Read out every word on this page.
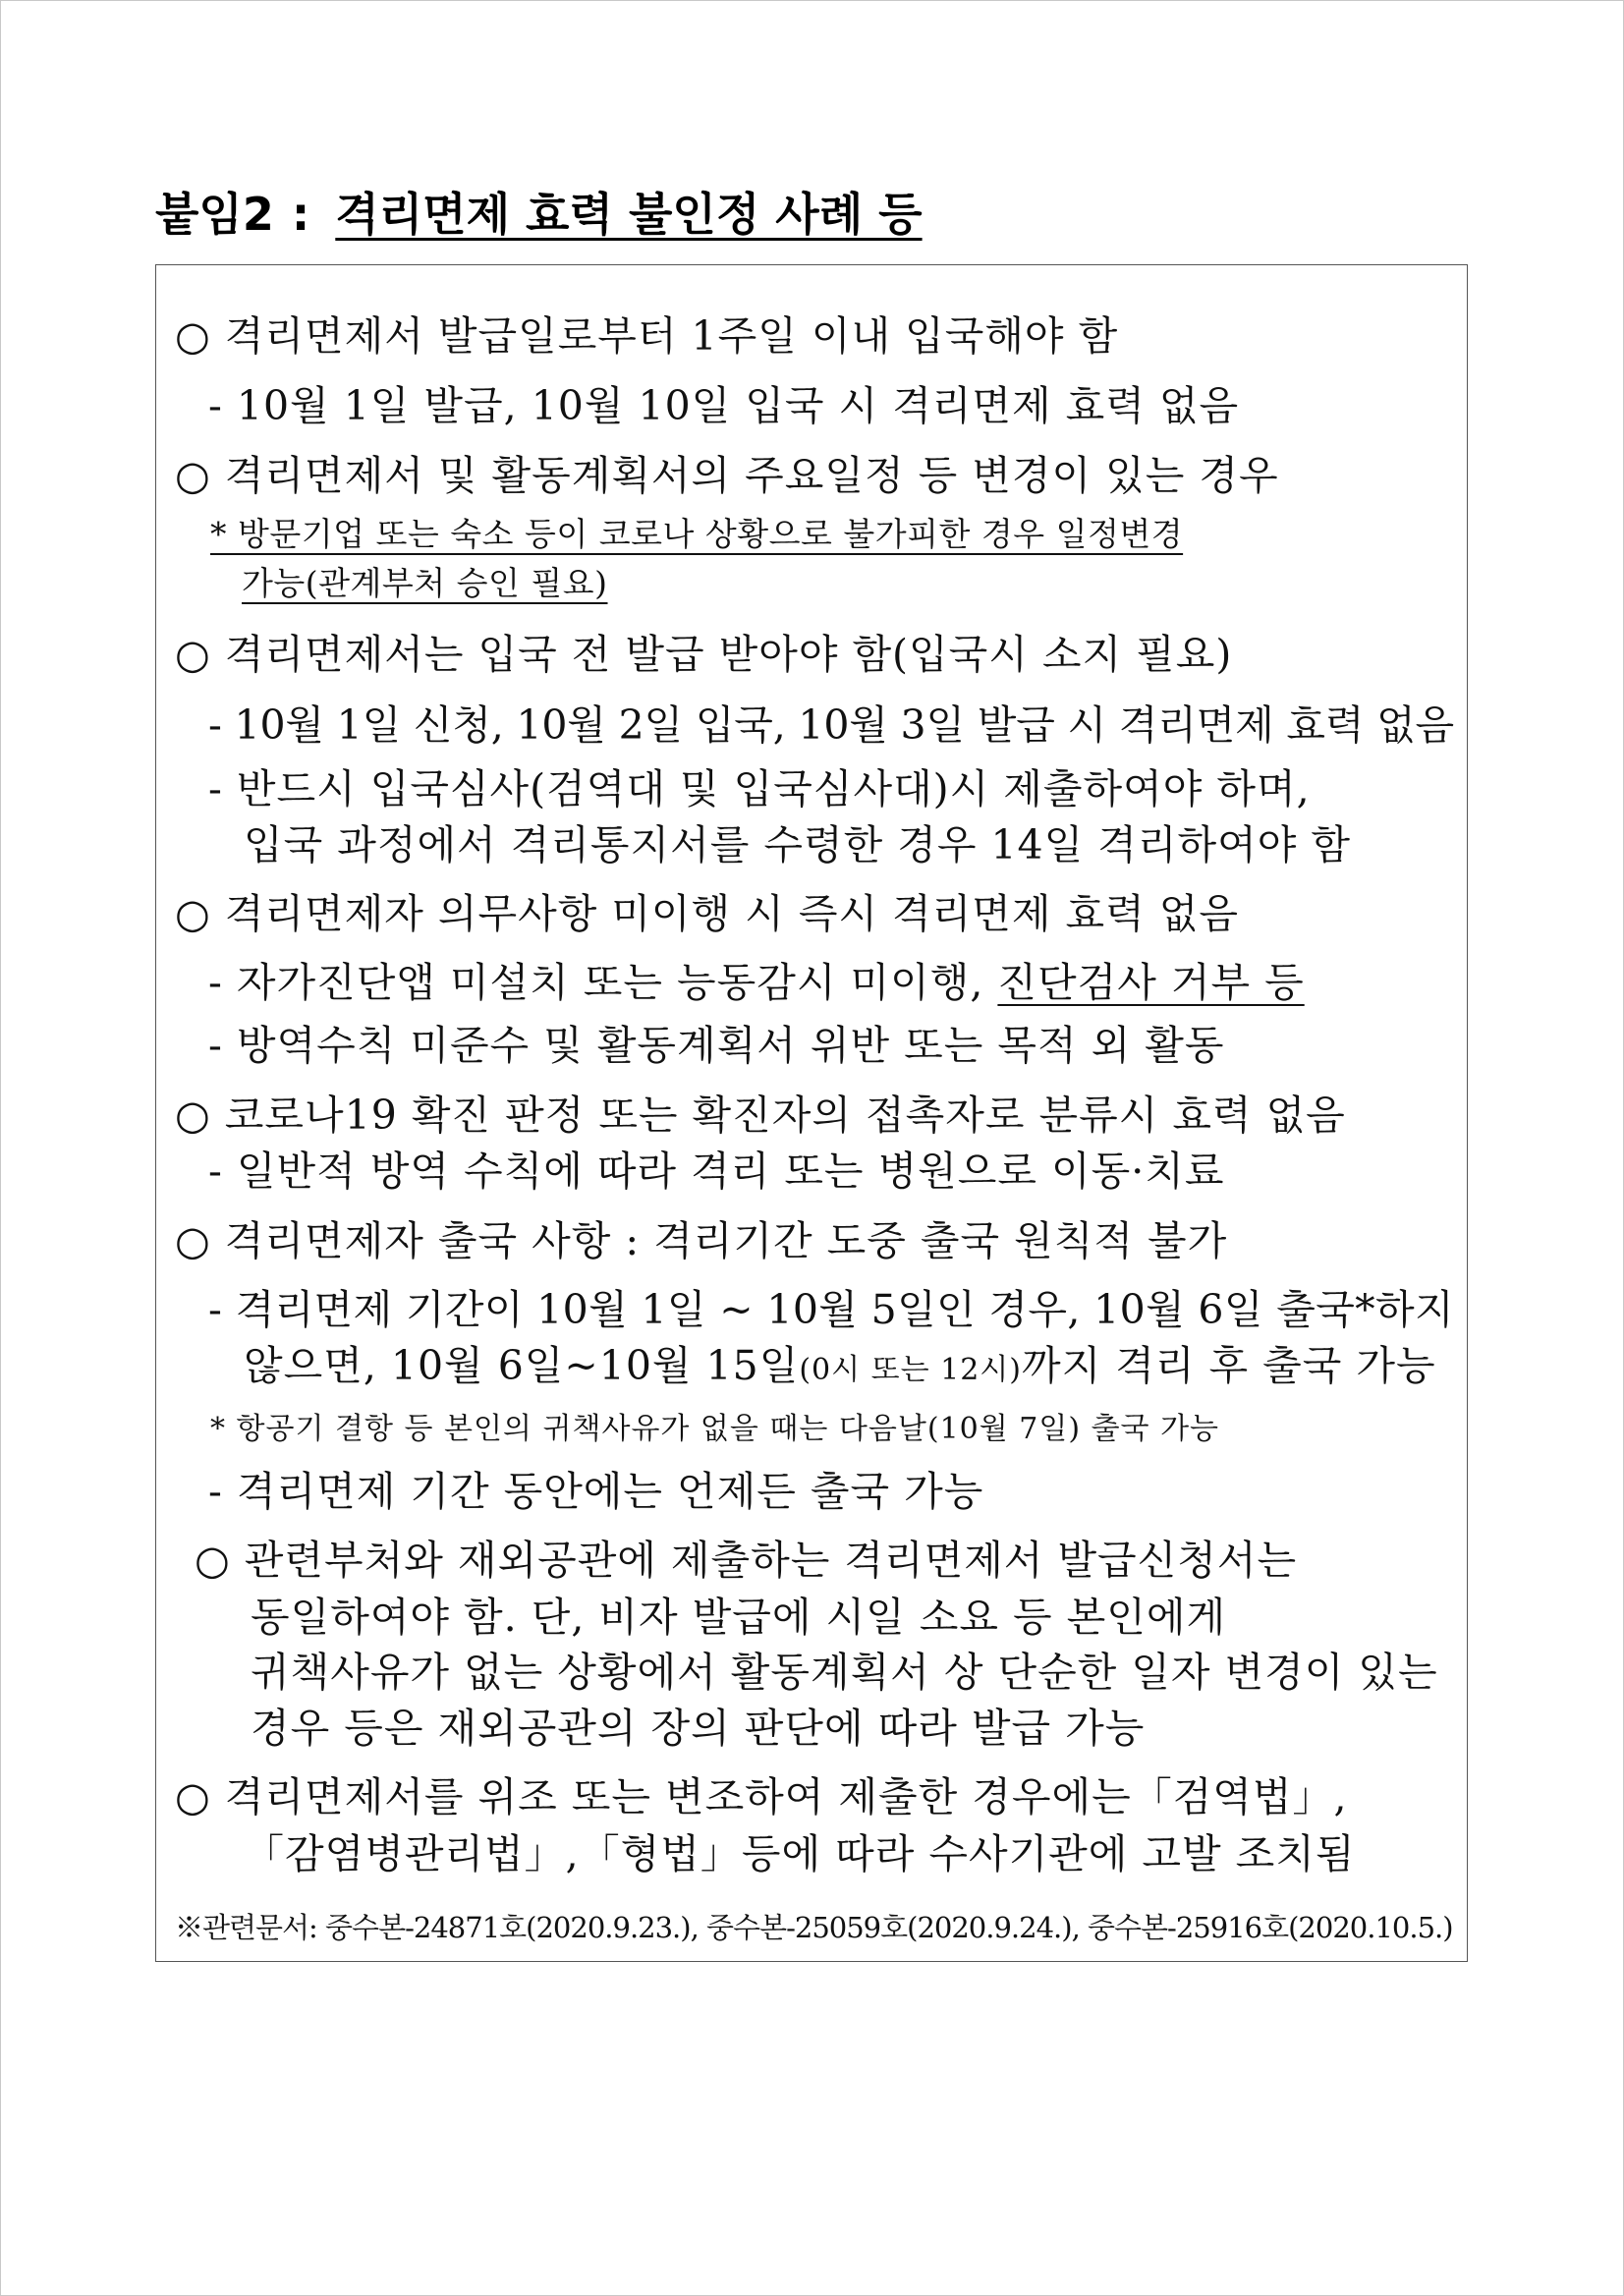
붙임2 : 격리면제 효력 불인정 사례 등
○ 격리면제서 발급일로부터 1주일 이내 입국해야 함
- 10월 1일 발급, 10월 10일 입국 시 격리면제 효력 없음
○ 격리면제서 및 활동계획서의 주요일정 등 변경이 있는 경우
* 방문기업 또는 숙소 등이 코로나 상황으로 불가피한 경우 일정변경
가능(관계부처 승인 필요)
○ 격리면제서는 입국 전 발급 받아야 함(입국시 소지 필요)
- 10월 1일 신청, 10월 2일 입국, 10월 3일 발급 시 격리면제 효력 없음
- 반드시 입국심사(검역대 및 입국심사대)시 제출하여야 하며,
입국 과정에서 격리통지서를 수령한 경우 14일 격리하여야 함
○ 격리면제자 의무사항 미이행 시 즉시 격리면제 효력 없음
- 자가진단앱 미설치 또는 능동감시 미이행, 진단검사 거부 등
- 방역수칙 미준수 및 활동계획서 위반 또는 목적 외 활동
○ 코로나19 확진 판정 또는 확진자의 접촉자로 분류시 효력 없음
- 일반적 방역 수칙에 따라 격리 또는 병원으로 이동·치료
○ 격리면제자 출국 사항 : 격리기간 도중 출국 원칙적 불가
- 격리면제 기간이 10월 1일 ~ 10월 5일인 경우, 10월 6일 출국*하지
않으면, 10월 6일~10월 15일(0시 또는 12시)까지 격리 후 출국 가능
* 항공기 결항 등 본인의 귀책사유가 없을 때는 다음날(10월 7일) 출국 가능
- 격리면제 기간 동안에는 언제든 출국 가능
○ 관련부처와 재외공관에 제출하는 격리면제서 발급신청서는
동일하여야 함. 단, 비자 발급에 시일 소요 등 본인에게
귀책사유가 없는 상황에서 활동계획서 상 단순한 일자 변경이 있는
경우 등은 재외공관의 장의 판단에 따라 발급 가능
○ 격리면제서를 위조 또는 변조하여 제출한 경우에는「검역법」,
「감염병관리법」,「형법」등에 따라 수사기관에 고발 조치됨
※관련문서: 중수본-24871호(2020.9.23.), 중수본-25059호(2020.9.24.), 중수본-25916호(2020.10.5.)
